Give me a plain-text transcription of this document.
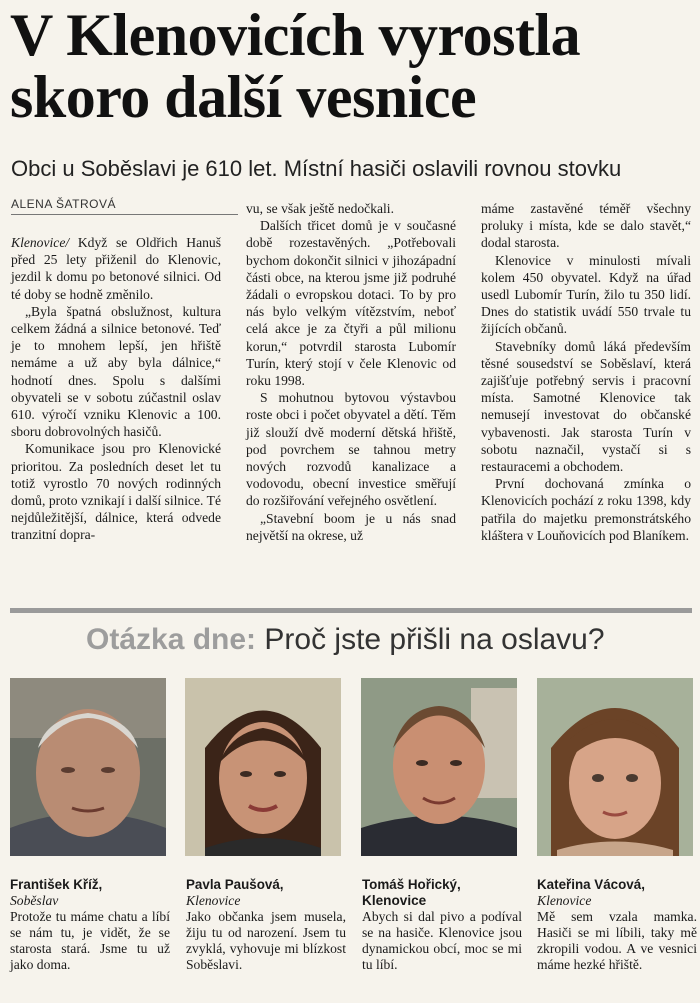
V Klenovicích vyrostla skoro další vesnice
Obci u Soběslavi je 610 let. Místní hasiči oslavili rovnou stovku
ALENA ŠATROVÁ

Klenovice/ Když se Oldřich Hanuš před 25 lety přiženil do Klenovic, jezdil k domu po betonové silnici. Od té doby se hodně změnilo.

„Byla špatná obslužnost, kultura celkem žádná a silnice betonové. Teď je to mnohem lepší, jen hřiště nemáme a už aby byla dálnice,“ hodnotí dnes. Spolu s dalšími obyvateli se v sobotu zúčastnil oslav 610. výročí vzniku Klenovic a 100. sboru dobrovolných hasičů.

Komunikace jsou pro Klenovické prioritou. Za posledních deset let tu totiž vyrostlo 70 nových rodinných domů, proto vznikají i další silnice. Té nejdůležitější, dálnice, která odvede tranzitní dopra-

vu, se však ještě nedočkali.

Dalších třicet domů je v současné době rozestavěných. „Potřebovali bychom dokončit silnici v jihozápadní části obce, na kterou jsme již podruhé žádali o evropskou dotaci. To by pro nás bylo velkým vítězstvím, neboť celá akce je za čtyři a půl milionu korun,“ potvrdil starosta Lubomír Turín, který stojí v čele Klenovic od roku 1998.

S mohutnou bytovou výstavbou roste obci i počet obyvatel a dětí. Těm již slouží dvě moderní dětská hřiště, pod povrchem se tahnou metry nových rozvodů kanalizace a vodovodu, obecní investice směřují do rozšiřování veřejného osvětlení.

„Stavební boom je u nás snad největší na okrese, už

máme zastavěné téměř všechny proluky i místa, kde se dalo stavět,“ dodal starosta.

Klenovice v minulosti mívali kolem 450 obyvatel. Když na úřad usedl Lubomír Turín, žilo tu 350 lidí. Dnes do statistik uvádí 550 trvale tu žijících občanů.

Stavebníky domů láká především těsné sousedství se Soběslaví, která zajišťuje potřebný servis i pracovní místa. Samotné Klenovice tak nemusejí investovat do občanské vybavenosti. Jak starosta Turín v sobotu naznačil, vystačí si s restauracemi a obchodem.

První dochovaná zmínka o Klenovicích pochází z roku 1398, kdy patřila do majetku premonstrátského kláštera v Louňovicích pod Blaníkem.

Otázka dne: Proč jste přišli na oslavu?
František Kříž,
Soběslav
Protože tu máme chatu a líbí se nám tu, je vidět, že se starosta stará. Jsme tu už jako doma.
Pavla Paušová,
Klenovice
Jako občanka jsem musela, žiju tu od narození. Jsem tu zvyklá, vyhovuje mi blízkost Soběslavi.
Tomáš Hořický,
Klenovice
Abych si dal pivo a podíval se na hasiče. Klenovice jsou dynamickou obcí, moc se mi tu líbí.
Kateřina Vácová,
Klenovice
Mě sem vzala mamka. Hasiči se mi líbili, taky mě zkropili vodou. A ve vesnici máme hezké hřiště.
